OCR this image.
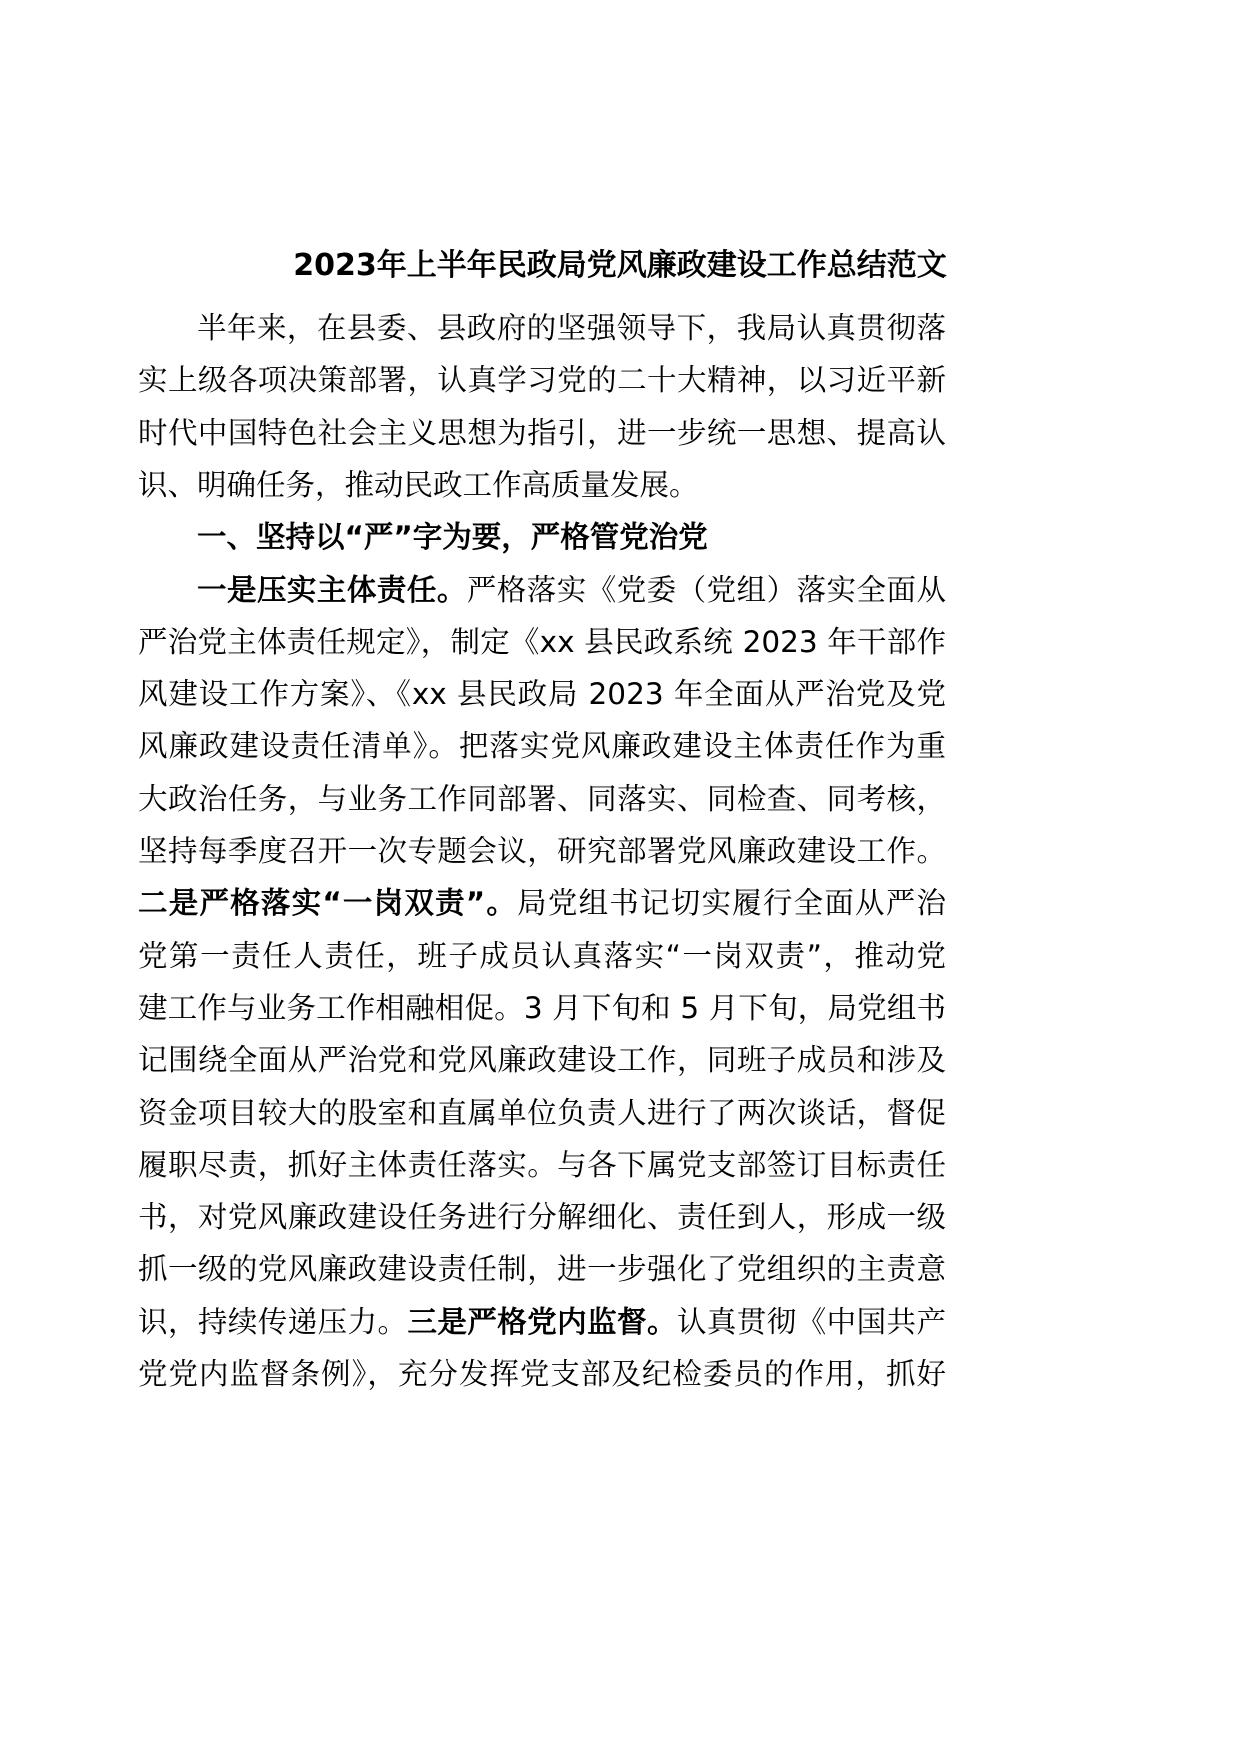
2023年上半年民政局党风廉政建设工作总结范文
半年来，在县委、县政府的坚强领导下，我局认真贯彻落
实上级各项决策部署，认真学习党的二十大精神，以习近平新
时代中国特色社会主义思想为指引，进一步统一思想、提高认
识、明确任务，推动民政工作高质量发展。
一、坚持以“严”字为要，严格管党治党
一是压实主体责任。严格落实《党委（党组）落实全面从
严治党主体责任规定》，制定《xx 县民政系统 2023 年干部作
风建设工作方案》、《xx 县民政局 2023 年全面从严治党及党
风廉政建设责任清单》。把落实党风廉政建设主体责任作为重
大政治任务，与业务工作同部署、同落实、同检查、同考核，
坚持每季度召开一次专题会议，研究部署党风廉政建设工作。
二是严格落实“一岗双责”。局党组书记切实履行全面从严治
党第一责任人责任，班子成员认真落实“一岗双责”，推动党
建工作与业务工作相融相促。3 月下旬和 5 月下旬，局党组书
记围绕全面从严治党和党风廉政建设工作，同班子成员和涉及
资金项目较大的股室和直属单位负责人进行了两次谈话，督促
履职尽责，抓好主体责任落实。与各下属党支部签订目标责任
书，对党风廉政建设任务进行分解细化、责任到人，形成一级
抓一级的党风廉政建设责任制，进一步强化了党组织的主责意
识，持续传递压力。三是严格党内监督。认真贯彻《中国共产
党党内监督条例》，充分发挥党支部及纪检委员的作用，抓好
